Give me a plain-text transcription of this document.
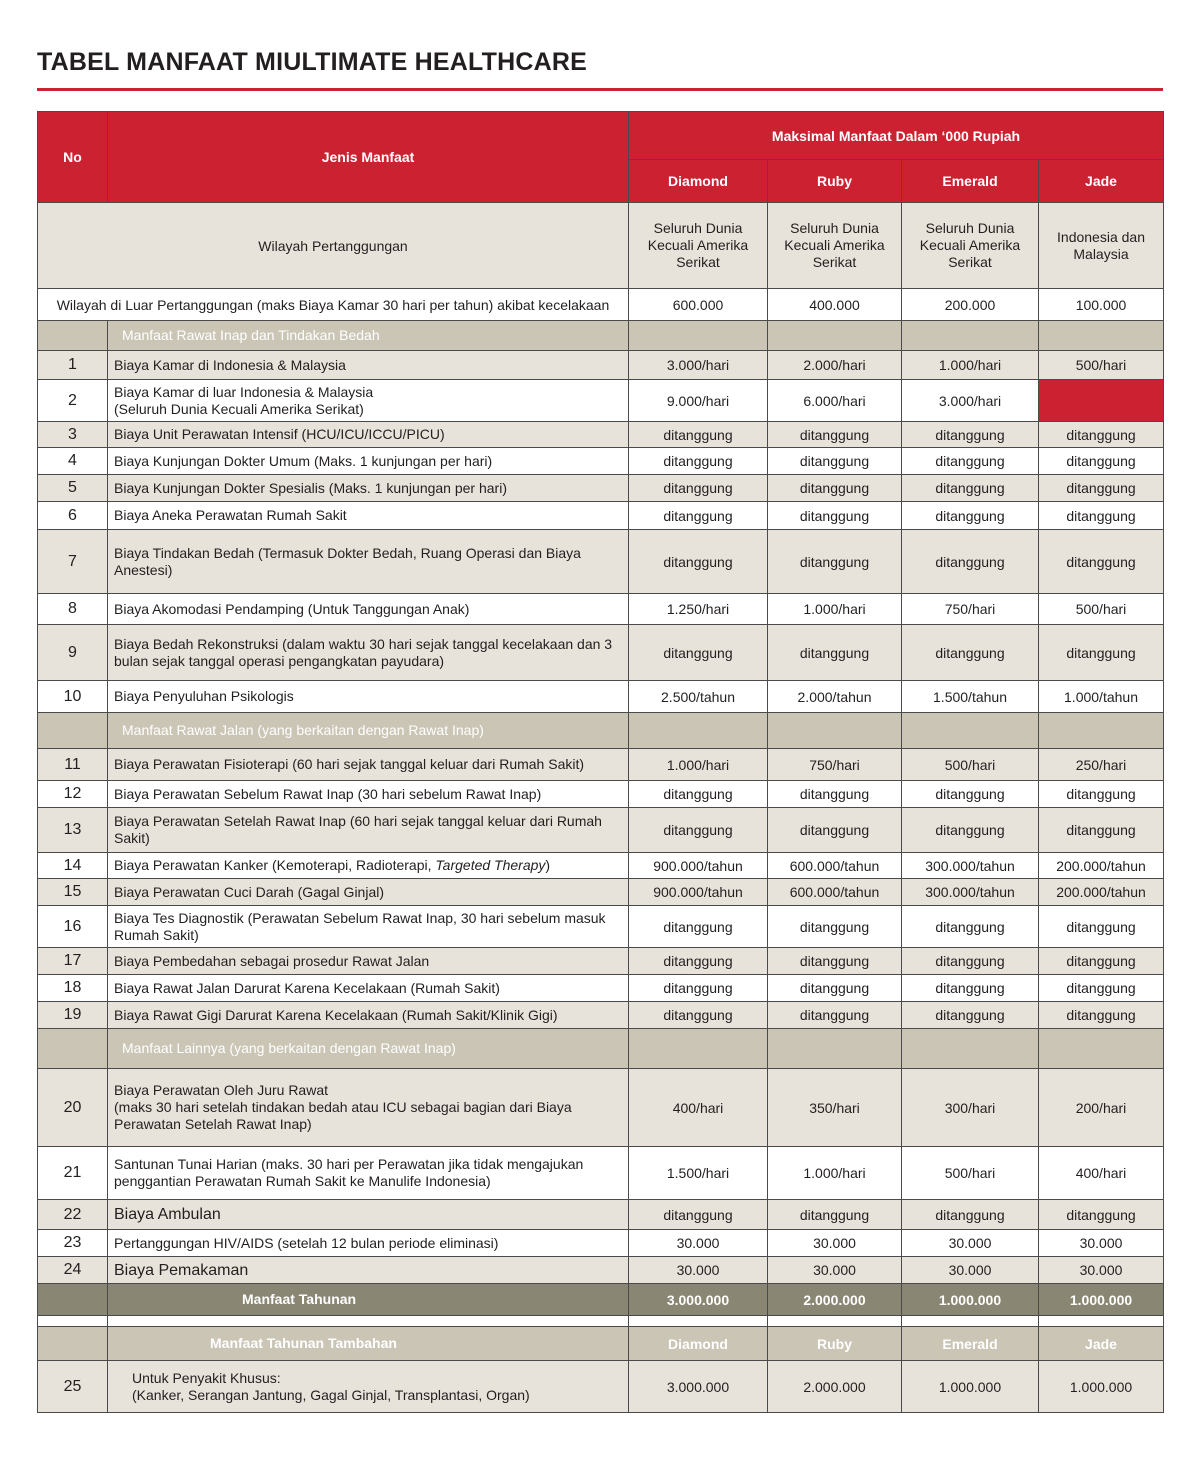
TABEL MANFAAT MIULTIMATE HEALTHCARE
No	Jenis Manfaat	Maksimal Manfaat Dalam ‘000 Rupiah			
		Diamond	Ruby	Emerald	Jade
Wilayah Pertanggungan		Seluruh Dunia Kecuali Amerika Serikat	Seluruh Dunia Kecuali Amerika Serikat	Seluruh Dunia Kecuali Amerika Serikat	Indonesia dan Malaysia
Wilayah di Luar Pertanggungan (maks Biaya Kamar 30 hari per tahun) akibat kecelakaan		600.000	400.000	200.000	100.000
	Manfaat Rawat Inap dan Tindakan Bedah				
1	Biaya Kamar di Indonesia & Malaysia	3.000/hari	2.000/hari	1.000/hari	500/hari
2	Biaya Kamar di luar Indonesia & Malaysia
(Seluruh Dunia Kecuali Amerika Serikat)	9.000/hari	6.000/hari	3.000/hari	
3	Biaya Unit Perawatan Intensif (HCU/ICU/ICCU/PICU)	ditanggung	ditanggung	ditanggung	ditanggung
4	Biaya Kunjungan Dokter Umum (Maks. 1 kunjungan per hari)	ditanggung	ditanggung	ditanggung	ditanggung
5	Biaya Kunjungan Dokter Spesialis (Maks. 1 kunjungan per hari)	ditanggung	ditanggung	ditanggung	ditanggung
6	Biaya Aneka Perawatan Rumah Sakit	ditanggung	ditanggung	ditanggung	ditanggung
7	Biaya Tindakan Bedah (Termasuk Dokter Bedah, Ruang Operasi dan Biaya Anestesi)	ditanggung	ditanggung	ditanggung	ditanggung
8	Biaya Akomodasi Pendamping (Untuk Tanggungan Anak)	1.250/hari	1.000/hari	750/hari	500/hari
9	Biaya Bedah Rekonstruksi (dalam waktu 30 hari sejak tanggal kecelakaan dan 3 bulan sejak tanggal operasi pengangkatan payudara)	ditanggung	ditanggung	ditanggung	ditanggung
10	Biaya Penyuluhan Psikologis	2.500/tahun	2.000/tahun	1.500/tahun	1.000/tahun
	Manfaat Rawat Jalan (yang berkaitan dengan Rawat Inap)				
11	Biaya Perawatan Fisioterapi (60 hari sejak tanggal keluar dari Rumah Sakit)	1.000/hari	750/hari	500/hari	250/hari
12	Biaya Perawatan Sebelum Rawat Inap (30 hari sebelum Rawat Inap)	ditanggung	ditanggung	ditanggung	ditanggung
13	Biaya Perawatan Setelah Rawat Inap (60 hari sejak tanggal keluar dari Rumah Sakit)	ditanggung	ditanggung	ditanggung	ditanggung
14	Biaya Perawatan Kanker (Kemoterapi, Radioterapi, Targeted Therapy)	900.000/tahun	600.000/tahun	300.000/tahun	200.000/tahun
15	Biaya Perawatan Cuci Darah (Gagal Ginjal)	900.000/tahun	600.000/tahun	300.000/tahun	200.000/tahun
16	Biaya Tes Diagnostik (Perawatan Sebelum Rawat Inap, 30 hari sebelum masuk Rumah Sakit)	ditanggung	ditanggung	ditanggung	ditanggung
17	Biaya Pembedahan sebagai prosedur Rawat Jalan	ditanggung	ditanggung	ditanggung	ditanggung
18	Biaya Rawat Jalan Darurat Karena Kecelakaan (Rumah Sakit)	ditanggung	ditanggung	ditanggung	ditanggung
19	Biaya Rawat Gigi Darurat Karena Kecelakaan (Rumah Sakit/Klinik Gigi)	ditanggung	ditanggung	ditanggung	ditanggung
	Manfaat Lainnya (yang berkaitan dengan Rawat Inap)				
20	Biaya Perawatan Oleh Juru Rawat
(maks 30 hari setelah tindakan bedah atau ICU sebagai bagian dari Biaya Perawatan Setelah Rawat Inap)	400/hari	350/hari	300/hari	200/hari
21	Santunan Tunai Harian (maks. 30 hari per Perawatan jika tidak mengajukan penggantian Perawatan Rumah Sakit ke Manulife Indonesia)	1.500/hari	1.000/hari	500/hari	400/hari
22	Biaya Ambulan	ditanggung	ditanggung	ditanggung	ditanggung
23	Pertanggungan HIV/AIDS (setelah 12 bulan periode eliminasi)	30.000	30.000	30.000	30.000
24	Biaya Pemakaman	30.000	30.000	30.000	30.000
	Manfaat Tahunan	3.000.000	2.000.000	1.000.000	1.000.000

	Manfaat Tahunan Tambahan	Diamond	Ruby	Emerald	Jade
25	Untuk Penyakit Khusus:
(Kanker, Serangan Jantung, Gagal Ginjal, Transplantasi, Organ)	3.000.000	2.000.000	1.000.000	1.000.000
